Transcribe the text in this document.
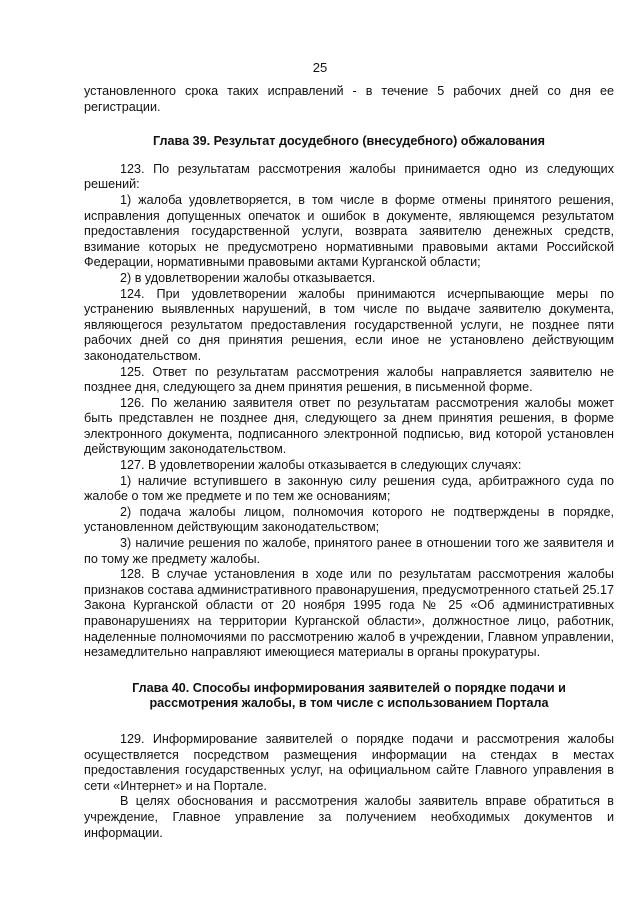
25

установленного срока таких исправлений - в течение 5 рабочих дней со дня ее регистрации.

Глава 39. Результат досудебного (внесудебного) обжалования

123. По результатам рассмотрения жалобы принимается одно из следующих решений:

1) жалоба удовлетворяется, в том числе в форме отмены принятого решения, исправления допущенных опечаток и ошибок в документе, являющемся результатом предоставления государственной услуги, возврата заявителю денежных средств, взимание которых не предусмотрено нормативными правовыми актами Российской Федерации, нормативными правовыми актами Курганской области;

2) в удовлетворении жалобы отказывается.

124. При удовлетворении жалобы принимаются исчерпывающие меры по устранению выявленных нарушений, в том числе по выдаче заявителю документа, являющегося результатом предоставления государственной услуги, не позднее пяти рабочих дней со дня принятия решения, если иное не установлено действующим законодательством.

125. Ответ по результатам рассмотрения жалобы направляется заявителю не позднее дня, следующего за днем принятия решения, в письменной форме.

126. По желанию заявителя ответ по результатам рассмотрения жалобы может быть представлен не позднее дня, следующего за днем принятия решения, в форме электронного документа, подписанного электронной подписью, вид которой установлен действующим законодательством.

127. В удовлетворении жалобы отказывается в следующих случаях:

1) наличие вступившего в законную силу решения суда, арбитражного суда по жалобе о том же предмете и по тем же основаниям;

2) подача жалобы лицом, полномочия которого не подтверждены в порядке, установленном действующим законодательством;

3) наличие решения по жалобе, принятого ранее в отношении того же заявителя и по тому же предмету жалобы.

128. В случае установления в ходе или по результатам рассмотрения жалобы признаков состава административного правонарушения, предусмотренного статьей 25.17 Закона Курганской области от 20 ноября 1995 года № 25 «Об административных правонарушениях на территории Курганской области», должностное лицо, работник, наделенные полномочиями по рассмотрению жалоб в учреждении, Главном управлении, незамедлительно направляют имеющиеся материалы в органы прокуратуры.

Глава 40. Способы информирования заявителей о порядке подачи и
рассмотрения жалобы, в том числе с использованием Портала

129. Информирование заявителей о порядке подачи и рассмотрения жалобы осуществляется посредством размещения информации на стендах в местах предоставления государственных услуг, на официальном сайте Главного управления в сети «Интернет» и на Портале.

В целях обоснования и рассмотрения жалобы заявитель вправе обратиться в учреждение, Главное управление за получением необходимых документов и информации.
